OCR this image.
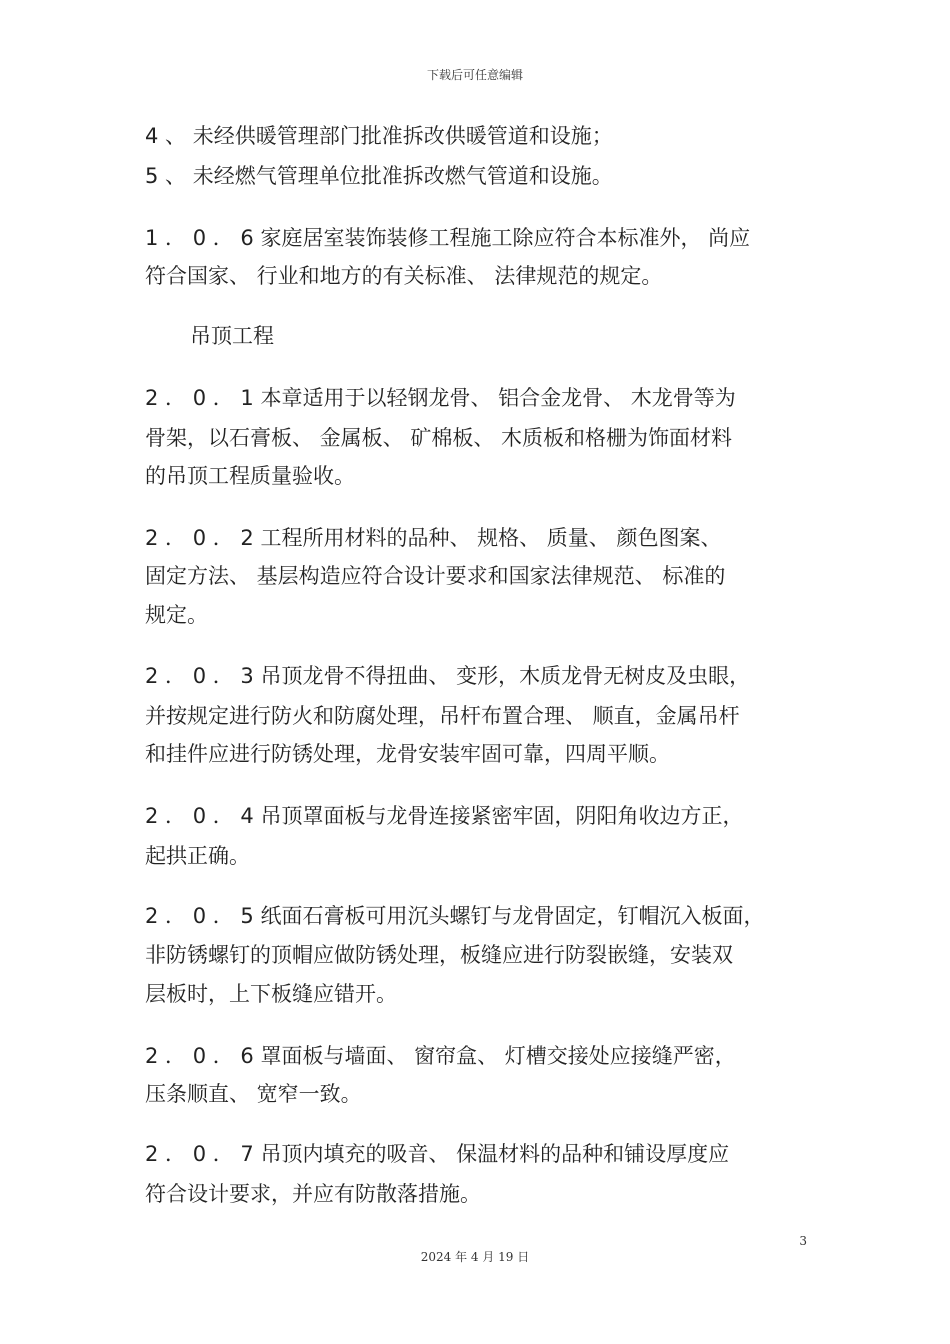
下载后可任意编辑
4 、 未经供暖管理部门批准拆改供暖管道和设施；
5 、 未经燃气管理单位批准拆改燃气管道和设施。
1 ． 0 ． 6 家庭居室装饰装修工程施工除应符合本标准外， 尚应
符合国家、 行业和地方的有关标准、 法律规范的规定。
吊顶工程
2 ． 0 ． 1 本章适用于以轻钢龙骨、 铝合金龙骨、 木龙骨等为
骨架，以石膏板、 金属板、 矿棉板、 木质板和格栅为饰面材料
的吊顶工程质量验收。
2 ． 0 ． 2 工程所用材料的品种、 规格、 质量、 颜色图案、
固定方法、 基层构造应符合设计要求和国家法律规范、 标准的
规定。
2 ． 0 ． 3 吊顶龙骨不得扭曲、 变形，木质龙骨无树皮及虫眼，
并按规定进行防火和防腐处理，吊杆布置合理、 顺直，金属吊杆
和挂件应进行防锈处理，龙骨安装牢固可靠，四周平顺。
2 ． 0 ． 4 吊顶罩面板与龙骨连接紧密牢固，阴阳角收边方正，
起拱正确。
2 ． 0 ． 5 纸面石膏板可用沉头螺钉与龙骨固定，钉帽沉入板面，
非防锈螺钉的顶帽应做防锈处理，板缝应进行防裂嵌缝，安装双
层板时，上下板缝应错开。
2 ． 0 ． 6 罩面板与墙面、 窗帘盒、 灯槽交接处应接缝严密，
压条顺直、 宽窄一致。
2 ． 0 ． 7 吊顶内填充的吸音、 保温材料的品种和铺设厚度应
符合设计要求，并应有防散落措施。
3
2024 年 4 月 19 日
